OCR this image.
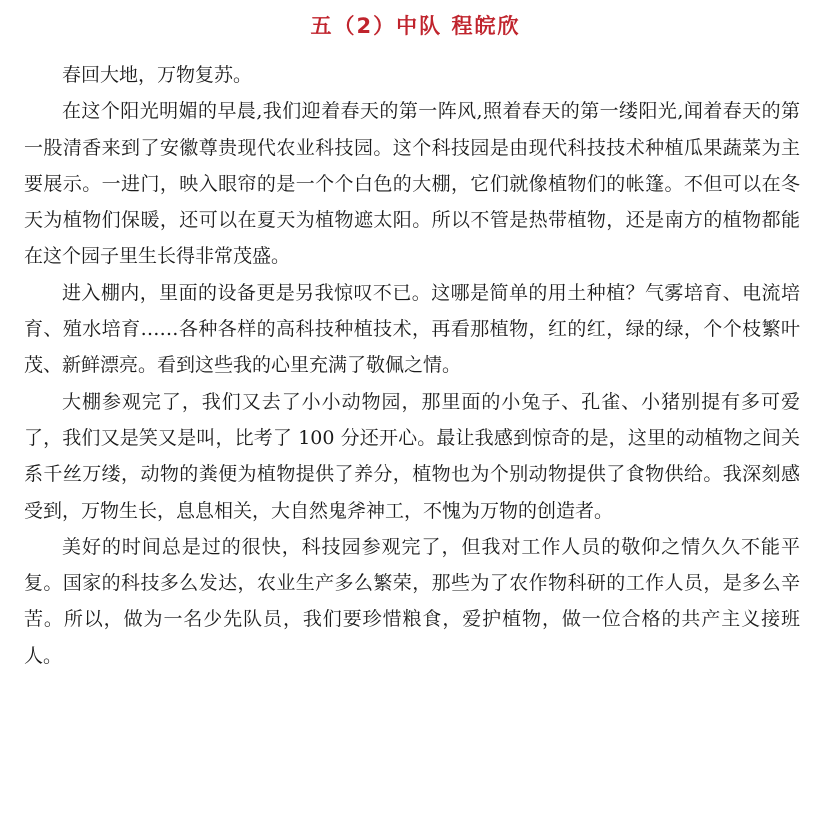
五（2）中队 程皖欣

春回大地，万物复苏。

在这个阳光明媚的早晨,我们迎着春天的第一阵风,照着春天的第一缕阳光,闻着春天的第一股清香来到了安徽尊贵现代农业科技园。这个科技园是由现代科技技术种植瓜果蔬菜为主要展示。一进门，映入眼帘的是一个个白色的大棚，它们就像植物们的帐篷。不但可以在冬天为植物们保暖，还可以在夏天为植物遮太阳。所以不管是热带植物，还是南方的植物都能在这个园子里生长得非常茂盛。

进入棚内，里面的设备更是另我惊叹不已。这哪是简单的用土种植？气雾培育、电流培育、殖水培育……各种各样的高科技种植技术，再看那植物，红的红，绿的绿，个个枝繁叶茂、新鲜漂亮。看到这些我的心里充满了敬佩之情。

大棚参观完了，我们又去了小小动物园，那里面的小兔子、孔雀、小猪别提有多可爱了，我们又是笑又是叫，比考了 100 分还开心。最让我感到惊奇的是，这里的动植物之间关系千丝万缕，动物的粪便为植物提供了养分，植物也为个别动物提供了食物供给。我深刻感受到，万物生长，息息相关，大自然鬼斧神工，不愧为万物的创造者。

美好的时间总是过的很快，科技园参观完了，但我对工作人员的敬仰之情久久不能平复。国家的科技多么发达，农业生产多么繁荣，那些为了农作物科研的工作人员，是多么辛苦。所以，做为一名少先队员，我们要珍惜粮食，爱护植物，做一位合格的共产主义接班人。
